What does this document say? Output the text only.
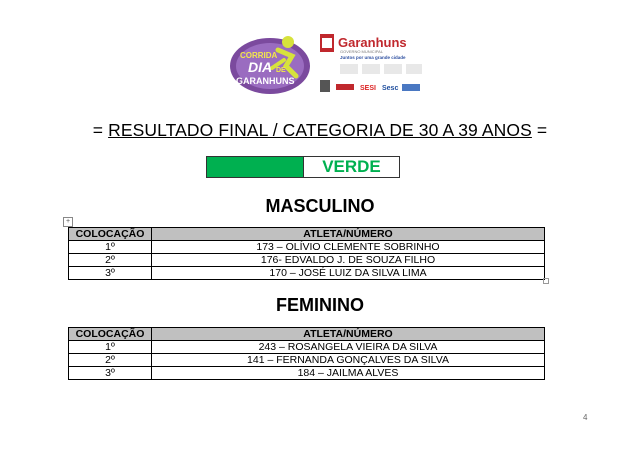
CORRIDA
DIA DE
GARANHUNS
Garanhuns
GOVERNO MUNICIPAL
Juntos por uma grande cidade
SESI Sesc
= RESULTADO FINAL / CATEGORIA DE 30 A 39 ANOS =
VERDE
MASCULINO
+
COLOCAÇÃO	ATLETA/NÚMERO
1º	173 – OLÍVIO CLEMENTE SOBRINHO
2º	176- EDVALDO J. DE SOUZA FILHO
3º	170 – JOSÉ LUIZ DA SILVA LIMA
FEMININO
COLOCAÇÃO	ATLETA/NÚMERO
1º	243 – ROSANGELA VIEIRA DA SILVA
2º	141 – FERNANDA GONÇALVES DA SILVA
3º	184 – JAILMA ALVES
4
